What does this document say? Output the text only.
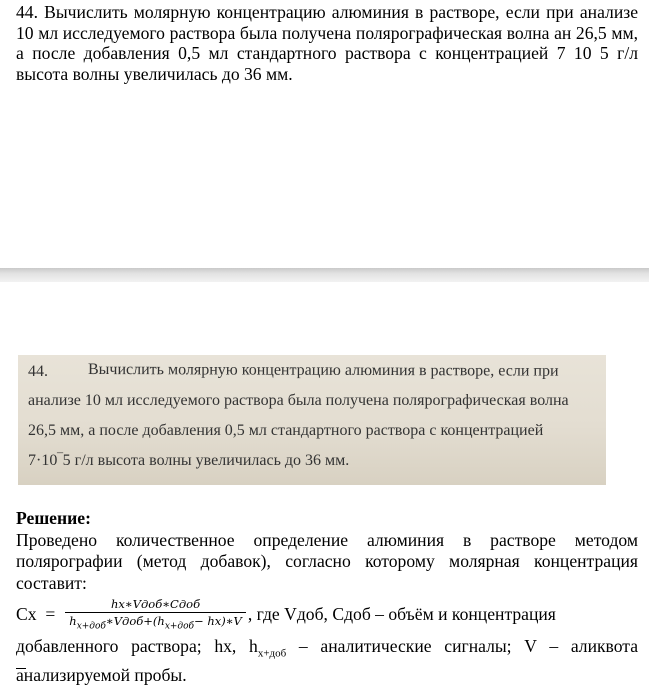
44. Вычислить молярную концентрацию алюминия в растворе, если при анализе 10 мл исследуемого раствора была получена полярографическая волна ан 26,5 мм, а после добавления 0,5 мл стандартного раствора с концентрацией 7 10 5 г/л высота волны увеличилась до 36 мм.

44. Вычислить молярную концентрацию алюминия в растворе, если при
анализе 10 мл исследуемого раствора была получена полярографическая волна
26,5 мм, а после добавления 0,5 мл стандартного раствора с концентрацией
7·10‾5 г/л высота волны увеличилась до 36 мм.
Решение:
Проведено количественное определение алюминия в растворе методом полярографии (метод добавок), согласно которому молярная концентрация составит:
$Cx = \frac{\text{hx∗Vдоб∗Cдоб}}{h_{x+доб}∗Vдоб+(h_{x+доб}- hx)∗V}$ , где Vдоб, Cдоб – объём и концентрация
добавленного раствора; hx, $h_{x+доб}$ – аналитические сигналы; V – аликвота анализируемой пробы.
